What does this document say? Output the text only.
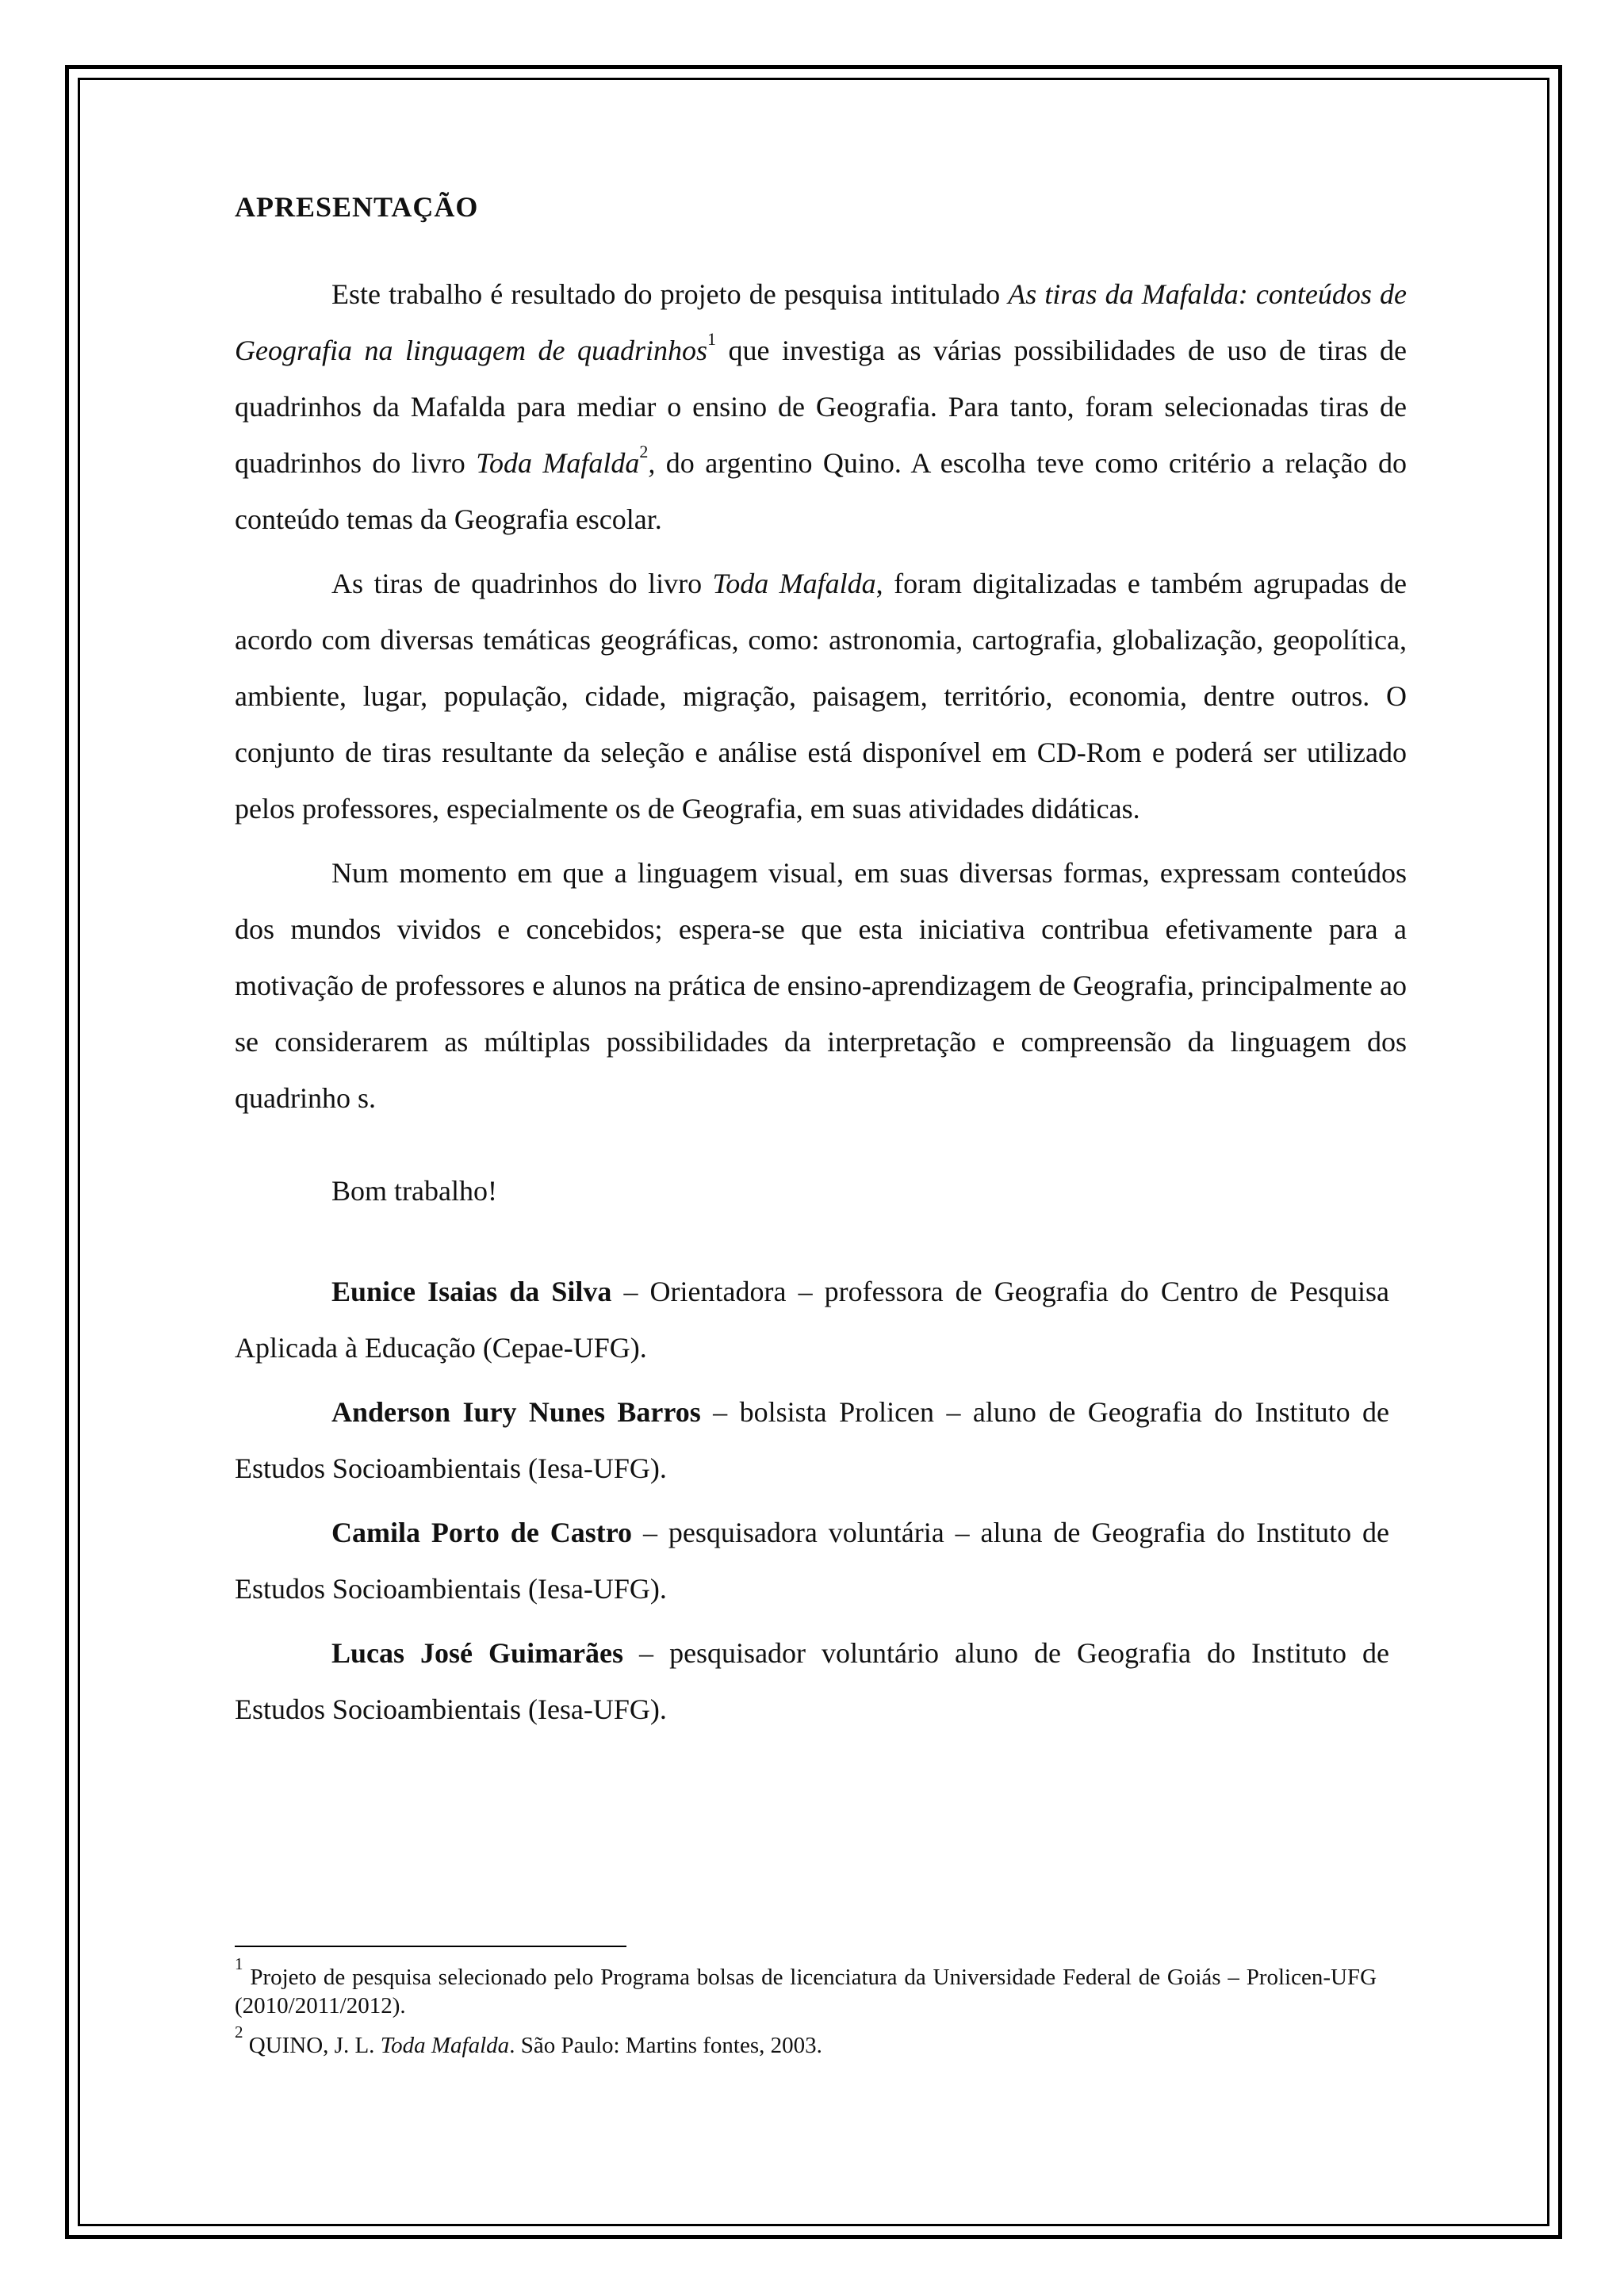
APRESENTAÇÃO

Este trabalho é resultado do projeto de pesquisa intitulado As tiras da Mafalda: conteúdos de Geografia na linguagem de quadrinhos$^1$ que investiga as várias possibilidades de uso de tiras de quadrinhos da Mafalda para mediar o ensino de Geografia. Para tanto, foram selecionadas tiras de quadrinhos do livro Toda Mafalda$^2$, do argentino Quino. A escolha teve como critério a relação do conteúdo temas da Geografia escolar.

As tiras de quadrinhos do livro Toda Mafalda, foram digitalizadas e também agrupadas de acordo com diversas temáticas geográficas, como: astronomia, cartografia, globalização, geopolítica, ambiente, lugar, população, cidade, migração, paisagem, território, economia, dentre outros. O conjunto de tiras resultante da seleção e análise está disponível em CD-Rom e poderá ser utilizado pelos professores, especialmente os de Geografia, em suas atividades didáticas.

Num momento em que a linguagem visual, em suas diversas formas, expressam conteúdos dos mundos vividos e concebidos; espera-se que esta iniciativa contribua efetivamente para a motivação de professores e alunos na prática de ensino-aprendizagem de Geografia, principalmente ao se considerarem as múltiplas possibilidades da interpretação e compreensão da linguagem dos quadrinho s.

Bom trabalho!

Eunice Isaias da Silva – Orientadora – professora de Geografia do Centro de Pesquisa Aplicada à Educação (Cepae-UFG).

Anderson Iury Nunes Barros – bolsista Prolicen – aluno de Geografia do Instituto de Estudos Socioambientais (Iesa-UFG).

Camila Porto de Castro – pesquisadora voluntária – aluna de Geografia do Instituto de Estudos Socioambientais (Iesa-UFG).

Lucas José Guimarães – pesquisador voluntário aluno de Geografia do Instituto de Estudos Socioambientais (Iesa-UFG).

$^1$ Projeto de pesquisa selecionado pelo Programa bolsas de licenciatura da Universidade Federal de Goiás – Prolicen-UFG (2010/2011/2012).

$^2$ QUINO, J. L. Toda Mafalda. São Paulo: Martins fontes, 2003.
